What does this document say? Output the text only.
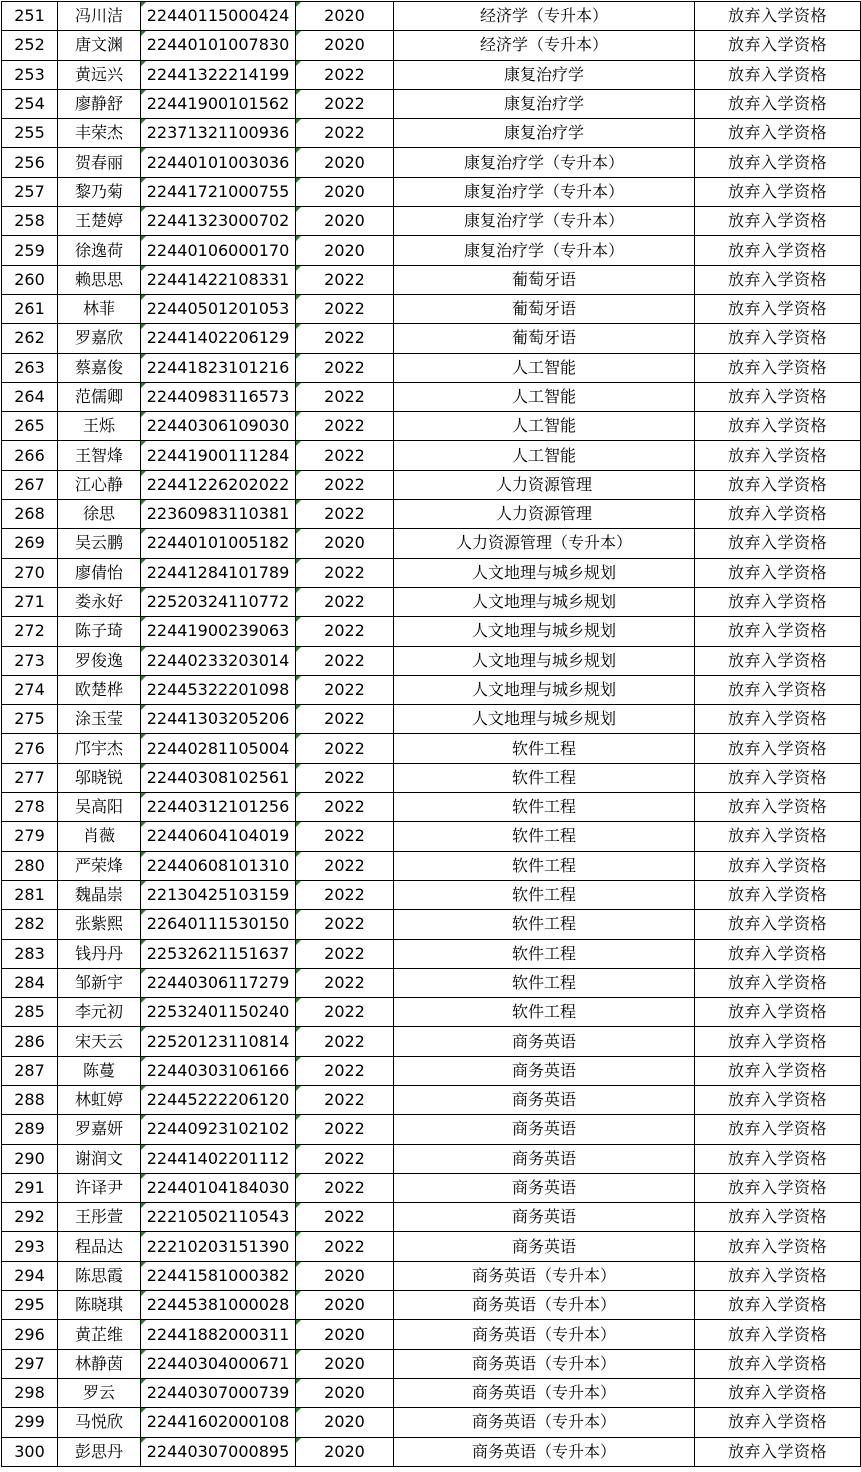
251	冯川洁	22440115000424	2020	经济学（专升本）	放弃入学资格
252	唐文渊	22440101007830	2020	经济学（专升本）	放弃入学资格
253	黄远兴	22441322214199	2022	康复治疗学	放弃入学资格
254	廖静舒	22441900101562	2022	康复治疗学	放弃入学资格
255	丰荣杰	22371321100936	2022	康复治疗学	放弃入学资格
256	贺春丽	22440101003036	2020	康复治疗学（专升本）	放弃入学资格
257	黎乃菊	22441721000755	2020	康复治疗学（专升本）	放弃入学资格
258	王楚婷	22441323000702	2020	康复治疗学（专升本）	放弃入学资格
259	徐逸荷	22440106000170	2020	康复治疗学（专升本）	放弃入学资格
260	赖思思	22441422108331	2022	葡萄牙语	放弃入学资格
261	林菲	22440501201053	2022	葡萄牙语	放弃入学资格
262	罗嘉欣	22441402206129	2022	葡萄牙语	放弃入学资格
263	蔡嘉俊	22441823101216	2022	人工智能	放弃入学资格
264	范儒卿	22440983116573	2022	人工智能	放弃入学资格
265	王烁	22440306109030	2022	人工智能	放弃入学资格
266	王智烽	22441900111284	2022	人工智能	放弃入学资格
267	江心静	22441226202022	2022	人力资源管理	放弃入学资格
268	徐思	22360983110381	2022	人力资源管理	放弃入学资格
269	吴云鹏	22440101005182	2020	人力资源管理（专升本）	放弃入学资格
270	廖倩怡	22441284101789	2022	人文地理与城乡规划	放弃入学资格
271	娄永好	22520324110772	2022	人文地理与城乡规划	放弃入学资格
272	陈子琦	22441900239063	2022	人文地理与城乡规划	放弃入学资格
273	罗俊逸	22440233203014	2022	人文地理与城乡规划	放弃入学资格
274	欧楚桦	22445322201098	2022	人文地理与城乡规划	放弃入学资格
275	涂玉莹	22441303205206	2022	人文地理与城乡规划	放弃入学资格
276	邝宇杰	22440281105004	2022	软件工程	放弃入学资格
277	邬晓锐	22440308102561	2022	软件工程	放弃入学资格
278	吴高阳	22440312101256	2022	软件工程	放弃入学资格
279	肖薇	22440604104019	2022	软件工程	放弃入学资格
280	严荣烽	22440608101310	2022	软件工程	放弃入学资格
281	魏晶崇	22130425103159	2022	软件工程	放弃入学资格
282	张紫熙	22640111530150	2022	软件工程	放弃入学资格
283	钱丹丹	22532621151637	2022	软件工程	放弃入学资格
284	邹新宇	22440306117279	2022	软件工程	放弃入学资格
285	李元初	22532401150240	2022	软件工程	放弃入学资格
286	宋天云	22520123110814	2022	商务英语	放弃入学资格
287	陈蔓	22440303106166	2022	商务英语	放弃入学资格
288	林虹婷	22445222206120	2022	商务英语	放弃入学资格
289	罗嘉妍	22440923102102	2022	商务英语	放弃入学资格
290	谢润文	22441402201112	2022	商务英语	放弃入学资格
291	许译尹	22440104184030	2022	商务英语	放弃入学资格
292	王彤萱	22210502110543	2022	商务英语	放弃入学资格
293	程品达	22210203151390	2022	商务英语	放弃入学资格
294	陈思霞	22441581000382	2020	商务英语（专升本）	放弃入学资格
295	陈晓琪	22445381000028	2020	商务英语（专升本）	放弃入学资格
296	黄芷维	22441882000311	2020	商务英语（专升本）	放弃入学资格
297	林静茵	22440304000671	2020	商务英语（专升本）	放弃入学资格
298	罗云	22440307000739	2020	商务英语（专升本）	放弃入学资格
299	马悦欣	22441602000108	2020	商务英语（专升本）	放弃入学资格
300	彭思丹	22440307000895	2020	商务英语（专升本）	放弃入学资格
